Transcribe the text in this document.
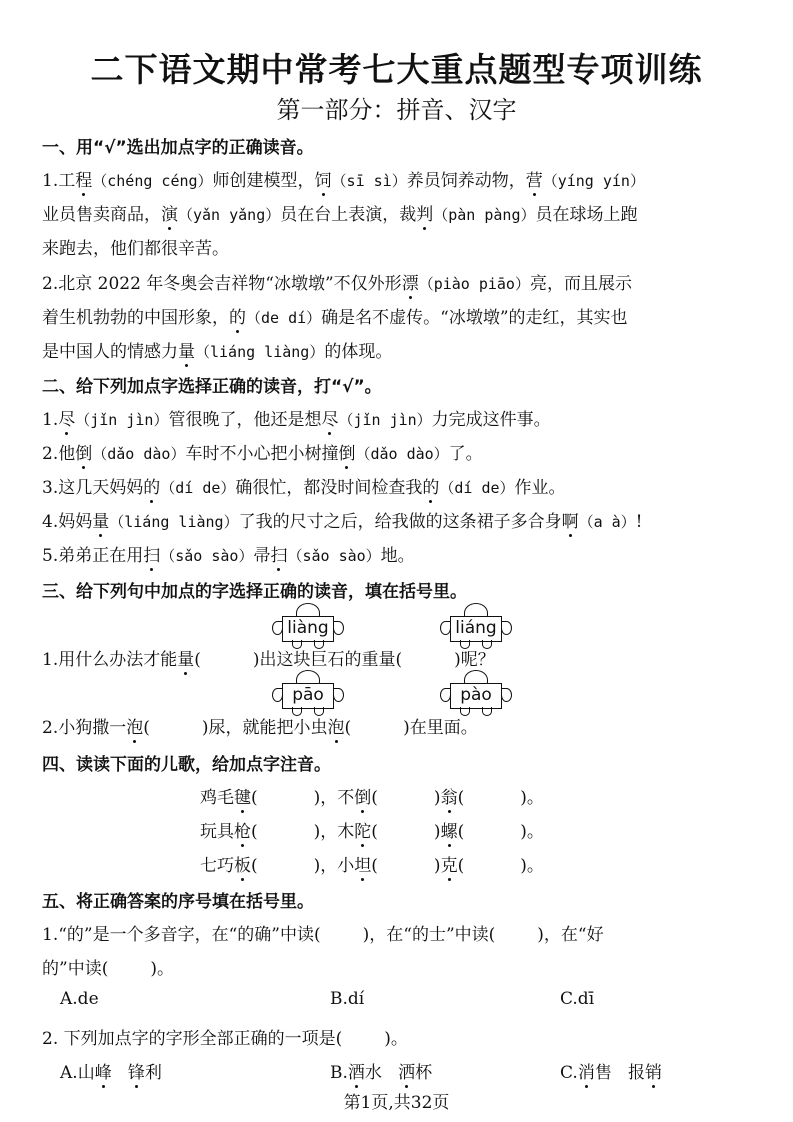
二下语文期中常考七大重点题型专项训练
第一部分：拼音、汉字
一、用“√”选出加点字的正确读音。
1.工程（chéng céng）师创建模型，饲（sī sì）养员饲养动物，营（yíng yín）
业员售卖商品，演（yǎn yǎng）员在台上表演，裁判（pàn pàng）员在球场上跑
来跑去，他们都很辛苦。
2.北京 2022 年冬奥会吉祥物“冰墩墩”不仅外形漂（piào piāo）亮，而且展示
着生机勃勃的中国形象，的（de dí）确是名不虚传。“冰墩墩”的走红，其实也
是中国人的情感力量（liáng liàng）的体现。
二、给下列加点字选择正确的读音，打“√”。
1.尽（jǐn jìn）管很晚了，他还是想尽（jǐn jìn）力完成这件事。
2.他倒（dǎo dào）车时不小心把小树撞倒（dǎo dào）了。
3.这几天妈妈的（dí de）确很忙，都没时间检查我的（dí de）作业。
4.妈妈量（liáng liàng）了我的尺寸之后，给我做的这条裙子多合身啊（a à）!
5.弟弟正在用扫（sǎo sào）帚扫（sǎo sào）地。
三、给下列句中加点的字选择正确的读音，填在括号里。
liàng	liáng
1.用什么办法才能量(	)出这块巨石的重量(	)呢？
pāo	pào
2.小狗撒一泡(	)尿，就能把小虫泡(	)在里面。
四、读读下面的儿歌，给加点字注音。
鸡毛毽(	)，不倒(	)翁(	)。
玩具枪(	)，木陀(	)螺(	)。
七巧板(	)，小坦(	)克(	)。
五、将正确答案的序号填在括号里。
1.“的”是一个多音字，在“的确”中读( )，在“的士”中读( )，在“好
的”中读( )。
A.de	B.dí	C.dī
2. 下列加点字的字形全部正确的一项是( )。
A.山峰 锋利	B.酒水 洒杯	C.消售 报销
第1页,共32页
